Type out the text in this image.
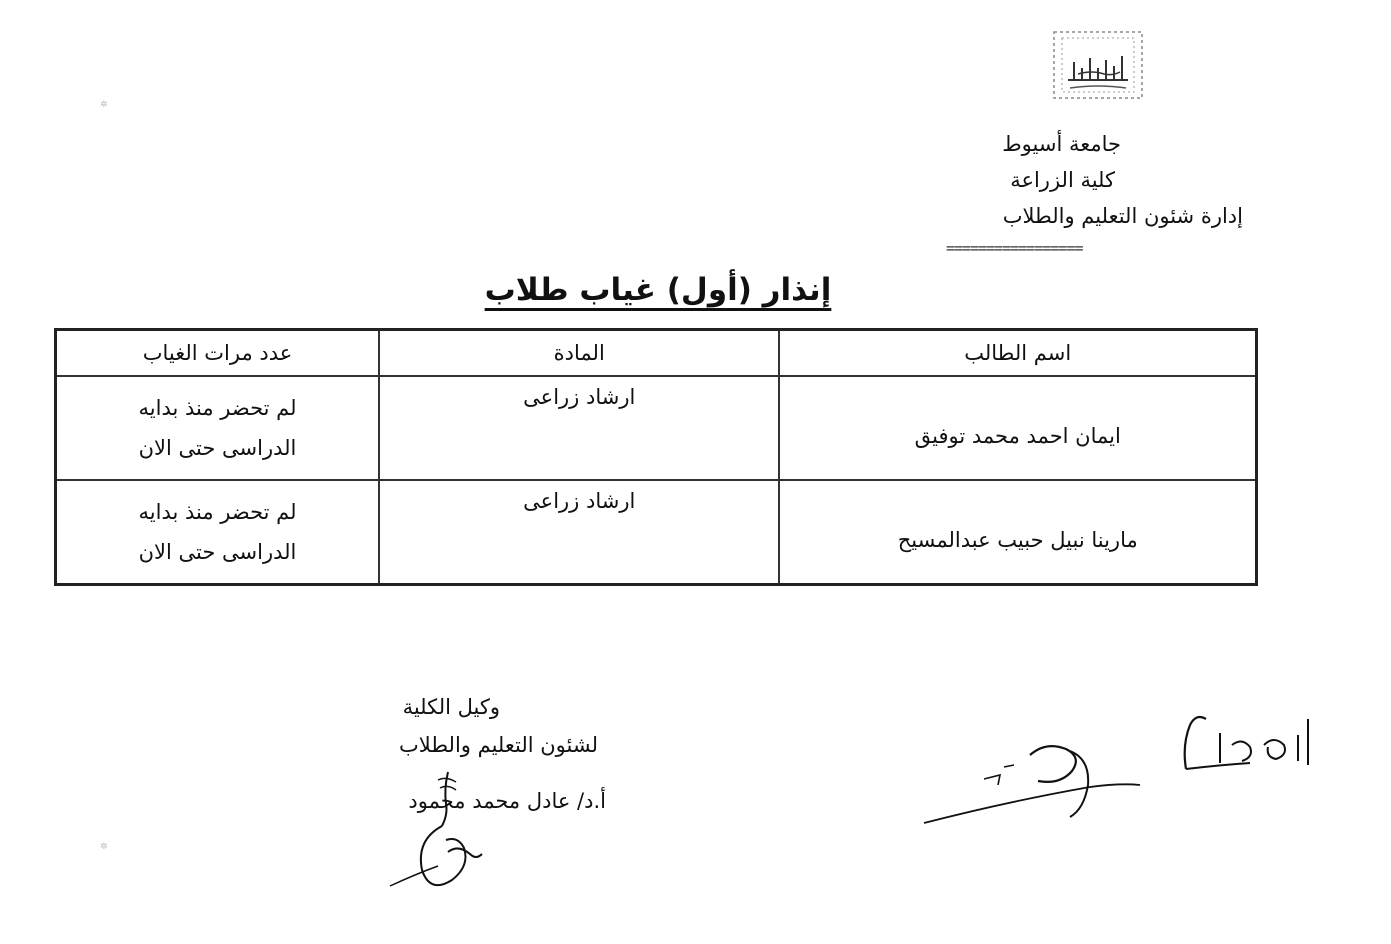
جامعة أسيوط
كلية الزراعة
إدارة شئون التعليم والطلاب
=================
إنذار (أول) غياب طلاب
اسم الطالب	المادة	عدد مرات الغياب
ايمان احمد محمد توفيق	ارشاد زراعى	لم تحضر منذ بدايه
الدراسى حتى الان

مارينا نبيل حبيب عبدالمسيح	ارشاد زراعى	لم تحضر منذ بدايه
الدراسى حتى الان
وكيل الكلية
لشئون التعليم والطلاب
أ.د/ عادل محمد محمود
✲
✲
